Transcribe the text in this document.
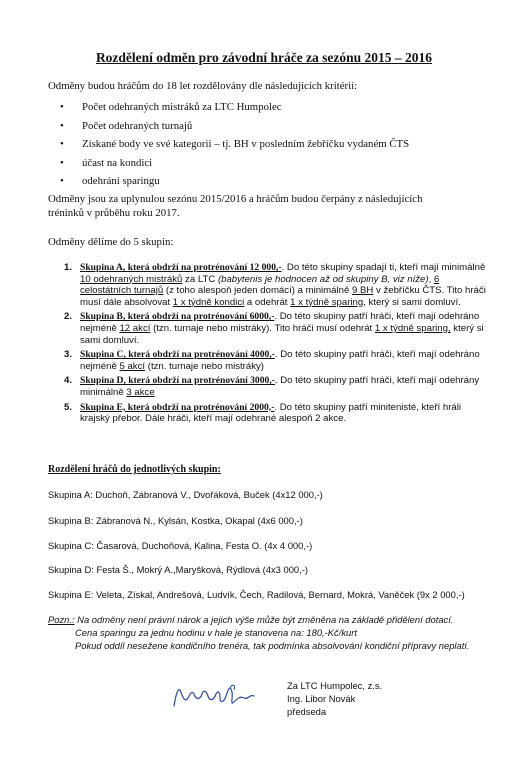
Rozdělení odměn pro závodní hráče za sezónu 2015 – 2016
Odměny budou hráčům do 18 let rozdělovány dle následujících kritérií:
• Počet odehraných mistráků za LTC Humpolec
• Počet odehraných turnajů
• Získané body ve své kategorii – tj. BH v posledním žebříčku vydaném ČTS
• účast na kondici
• odehrání sparingu
Odměny jsou za uplynulou sezónu 2015/2016 a hráčům budou čerpány z následujících
tréninků v průběhu roku 2017.
Odměny dělíme do 5 skupin:
1. Skupina A, která obdrží na protrénování 12 000,-. Do této skupiny spadají ti, kteří mají minimálně 10 odehraných mistráků za LTC (babytenis je hodnocen až od skupiny B, viz níže), 6 celostátních turnajů (z toho alespoň jeden domácí) a minimálně 9 BH v žebříčku ČTS. Tito hráči musí dále absolvovat 1 x týdně kondici a odehrát 1 x týdně sparing, který si sami domluví.
2. Skupina B, která obdrží na protrénování 6000,-. Do této skupiny patří hráči, kteří mají odehráno nejméně 12 akcí (tzn. turnaje nebo mistráky). Tito hráči musí odehrát 1 x týdně sparing, který si sami domluví.
3. Skupina C, která obdrží na protrénování 4000,-. Do této skupiny patří hráči, kteří mají odehráno nejméně 5 akcí (tzn. turnaje nebo mistráky)
4. Skupina D, která obdrží na protrénování 3000,-. Do této skupiny patří hráči, kteří mají odehrány minimálně 3 akce
5. Skupina E, která obdrží na protrénování 2000,-. Do této skupiny patří minitenisté, kteří hráli krajský přebor. Dále hráči, kteří mají odehrané alespoň 2 akce.
Rozdělení hráčů do jednotlivých skupin:
Skupina A: Duchoň, Zábranová V., Dvořáková, Buček (4x12 000,-)
Skupina B: Zábranová N., Kylsán, Kostka, Okapal (4x6 000,-)
Skupina C: Časarová, Duchoňová, Kalina, Festa O. (4x 4 000,-)
Skupina D: Festa Š., Mokrý A.,Maryšková, Rýdlová (4x3 000,-)
Skupina E: Veleta, Získal, Andrešová, Ludvík, Čech, Radilová, Bernard, Mokrá, Vaněček (9x 2 000,-)
Pozn.: Na odměny není právní nárok a jejich výše může být změněna na základě přidělení dotací.
Cena sparingu za jednu hodinu v hale je stanovena na: 180,-Kč/kurt
Pokud oddíl nesežene kondičního trenéra, tak podmínka absolvování kondiční přípravy neplatí.
Za LTC Humpolec, z.s.
Ing. Libor Novák
předseda
